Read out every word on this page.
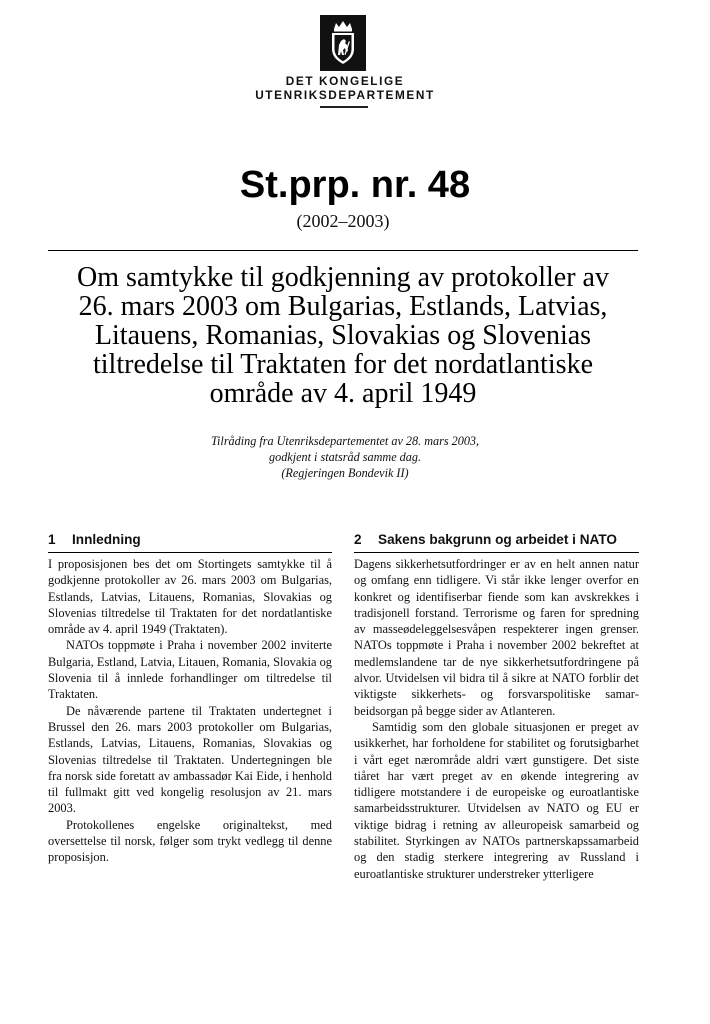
DET KONGELIGE
UTENRIKSDEPARTEMENT
St.prp. nr. 48
(2002–2003)
Om samtykke til godkjenning av protokoller av 26. mars 2003 om Bulgarias, Estlands, Latvias, Litauens, Romanias, Slovakias og Slovenias tiltredelse til Traktaten for det nordatlantiske område av 4. april 1949
Tilråding fra Utenriksdepartementet av 28. mars 2003,
godkjent i statsråd samme dag.
(Regjeringen Bondevik II)
1	Innledning

I proposisjonen bes det om Stortingets samtykke til å godkjenne protokoller av 26. mars 2003 om Bulgarias, Estlands, Latvias, Litauens, Romanias, Slovakias og Slovenias tiltredelse til Traktaten for det nordatlantiske område av 4. april 1949 (Traktaten).

NATOs toppmøte i Praha i november 2002 inviterte Bulgaria, Estland, Latvia, Litauen, Romania, Slovakia og Slovenia til å innlede forhandlinger om tiltredelse til Traktaten.

De nåværende partene til Traktaten undertegnet i Brussel den 26. mars 2003 protokoller om Bulgarias, Estlands, Latvias, Litauens, Romanias, Slovakias og Slovenias tiltredelse til Traktaten. Undertegningen ble fra norsk side foretatt av ambassadør Kai Eide, i henhold til fullmakt gitt ved kongelig resolusjon av 21. mars 2003.

Protokollenes engelske originaltekst, med oversettelse til norsk, følger som trykt vedlegg til denne proposisjon.

2	Sakens bakgrunn og arbeidet i NATO

Dagens sikkerhetsutfordringer er av en helt annen natur og omfang enn tidligere. Vi står ikke lenger overfor en konkret og identifiserbar fiende som kan avskrekkes i tradisjonell forstand. Terrorisme og faren for spredning av masseødeleggelsesvåpen respekterer ingen grenser. NATOs toppmøte i Praha i november 2002 bekreftet at medlemslandene tar de nye sikkerhetsutfordringene på alvor. Utvidelsen vil bidra til å sikre at NATO forblir det viktigste sikkerhets- og forsvarspolitiske samarbeidsorgan på begge sider av Atlanteren.

Samtidig som den globale situasjonen er preget av usikkerhet, har forholdene for stabilitet og forutsigbarhet i vårt eget nærområde aldri vært gunstigere. Det siste tiåret har vært preget av en økende integrering av tidligere motstandere i de europeiske og euroatlantiske samarbeidsstrukturer. Utvidelsen av NATO og EU er viktige bidrag i retning av alleuropeisk samarbeid og stabilitet. Styrkingen av NATOs partnerskapssamarbeid og den stadig sterkere integrering av Russland i euroatlantiske strukturer understreker ytterligere
